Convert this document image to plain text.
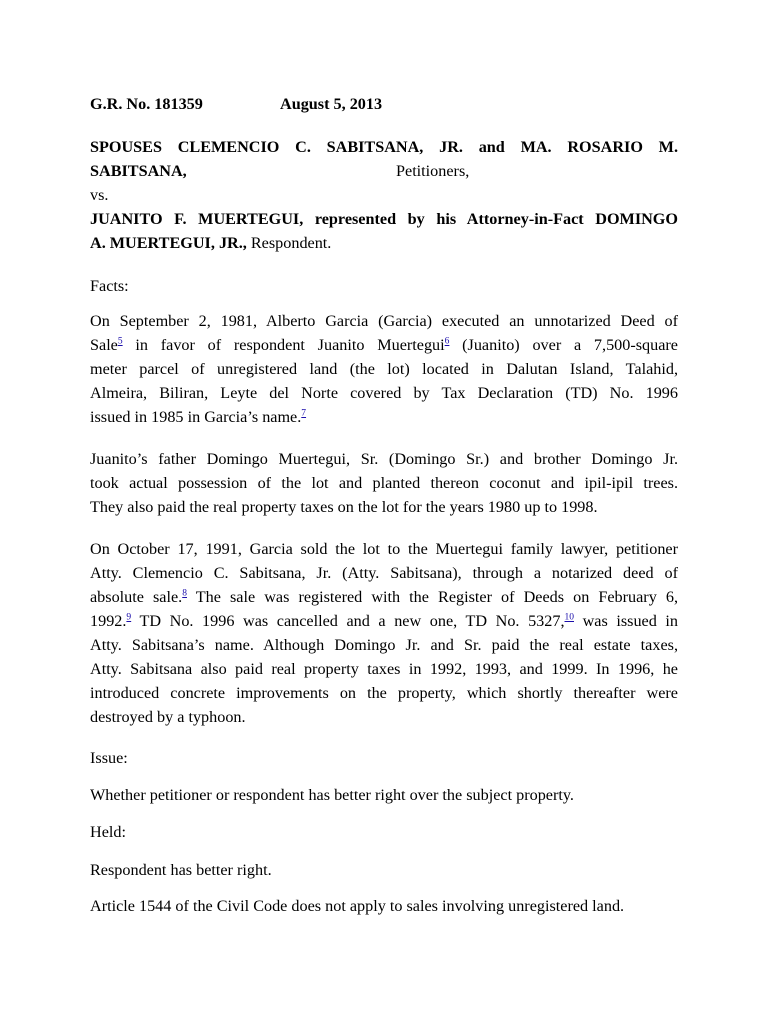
G.R. No. 181359	August 5, 2013
SPOUSES CLEMENCIO C. SABITSANA, JR. and MA. ROSARIO M.
SABITSANA,	Petitioners,
vs.
JUANITO F. MUERTEGUI, represented by his Attorney-in-Fact DOMINGO
A. MUERTEGUI, JR., Respondent.
Facts:
On September 2, 1981, Alberto Garcia (Garcia) executed an unnotarized Deed of
Sale$^5$ in favor of respondent Juanito Muertegui$^6$ (Juanito) over a 7,500-square
meter parcel of unregistered land (the lot) located in Dalutan Island, Talahid,
Almeira, Biliran, Leyte del Norte covered by Tax Declaration (TD) No. 1996
issued in 1985 in Garcia’s name.$^7$
Juanito’s father Domingo Muertegui, Sr. (Domingo Sr.) and brother Domingo Jr.
took actual possession of the lot and planted thereon coconut and ipil-ipil trees.
They also paid the real property taxes on the lot for the years 1980 up to 1998.
On October 17, 1991, Garcia sold the lot to the Muertegui family lawyer, petitioner
Atty. Clemencio C. Sabitsana, Jr. (Atty. Sabitsana), through a notarized deed of
absolute sale.$^8$ The sale was registered with the Register of Deeds on February 6,
1992.$^9$ TD No. 1996 was cancelled and a new one, TD No. 5327,10 was issued in
Atty. Sabitsana’s name. Although Domingo Jr. and Sr. paid the real estate taxes,
Atty. Sabitsana also paid real property taxes in 1992, 1993, and 1999. In 1996, he
introduced concrete improvements on the property, which shortly thereafter were
destroyed by a typhoon.
Issue:
Whether petitioner or respondent has better right over the subject property.
Held:
Respondent has better right.
Article 1544 of the Civil Code does not apply to sales involving unregistered land.
